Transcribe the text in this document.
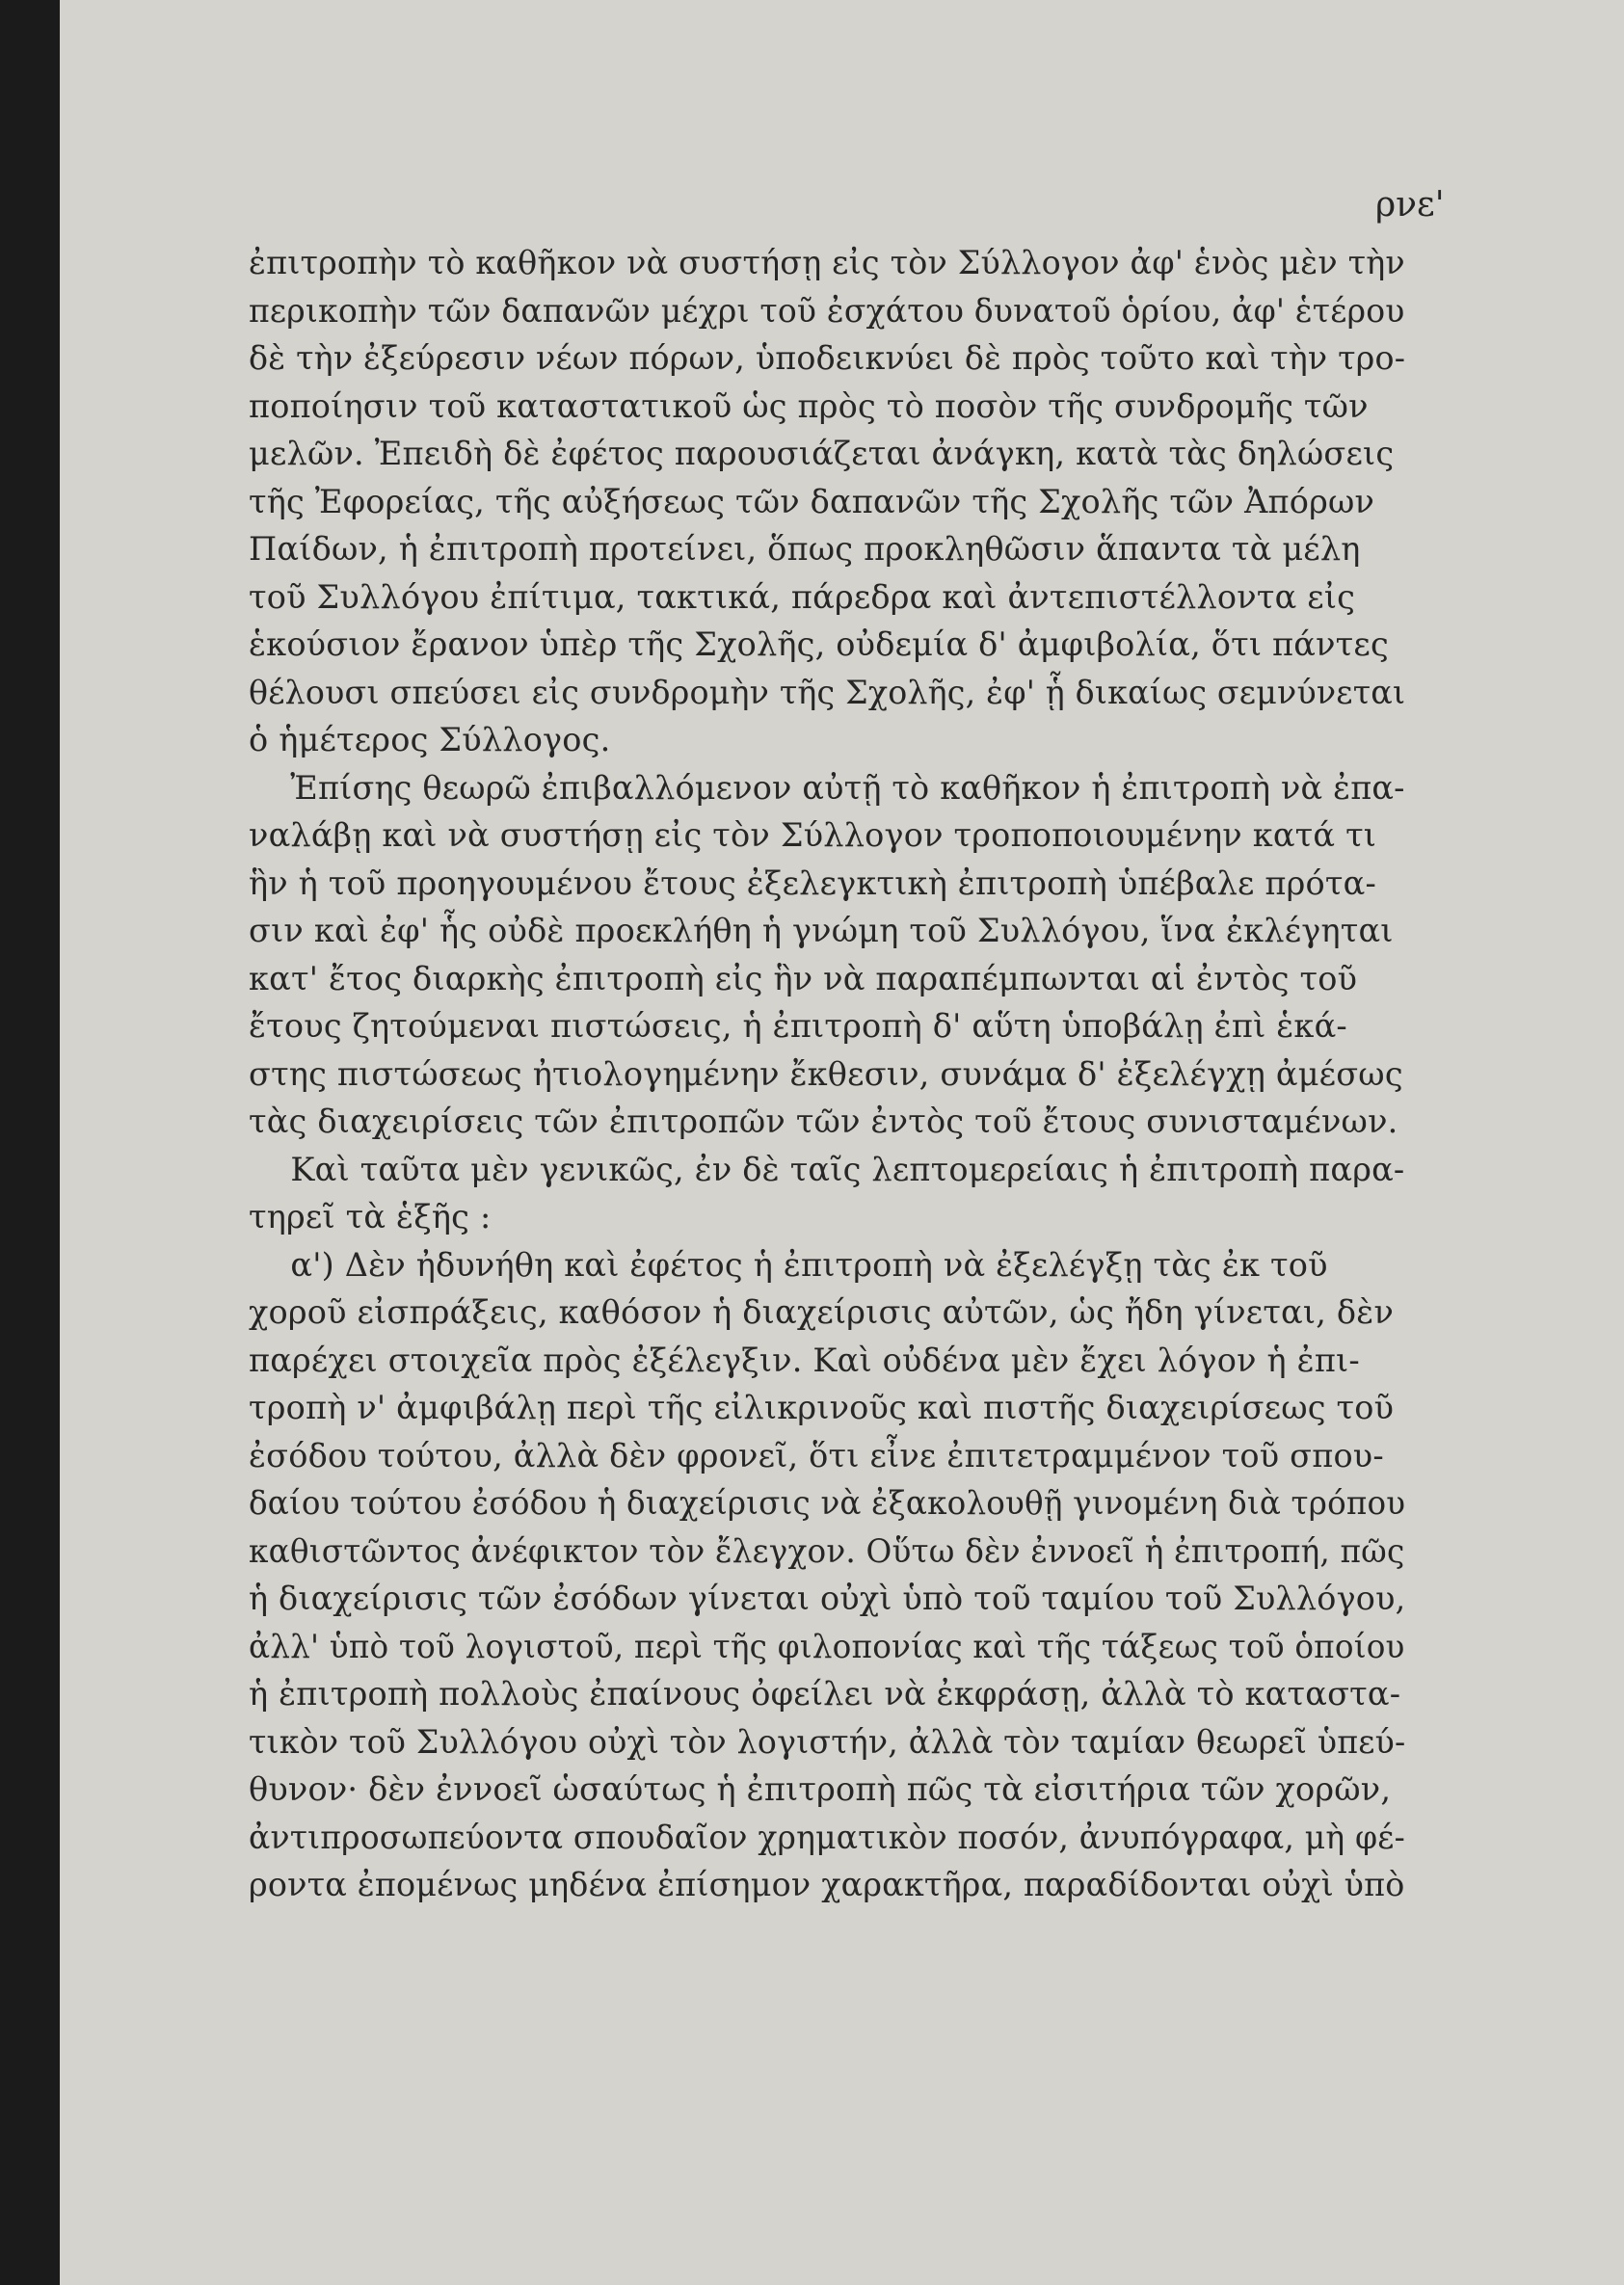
ρνε'

ἐπιτροπὴν τὸ καθῆκον νὰ συστήσῃ εἰς τὸν Σύλλογον ἀφ' ἑνὸς μὲν τὴν
περικοπὴν τῶν δαπανῶν μέχρι τοῦ ἐσχάτου δυνατοῦ ὁρίου, ἀφ' ἑτέρου
δὲ τὴν ἐξεύρεσιν νέων πόρων, ὑποδεικνύει δὲ πρὸς τοῦτο καὶ τὴν τρο-
ποποίησιν τοῦ καταστατικοῦ ὡς πρὸς τὸ ποσὸν τῆς συνδρομῆς τῶν
μελῶν. Ἐπειδὴ δὲ ἐφέτος παρουσιάζεται ἀνάγκη, κατὰ τὰς δηλώσεις
τῆς Ἐφορείας, τῆς αὐξήσεως τῶν δαπανῶν τῆς Σχολῆς τῶν Ἀπόρων
Παίδων, ἡ ἐπιτροπὴ προτείνει, ὅπως προκληθῶσιν ἅπαντα τὰ μέλη
τοῦ Συλλόγου ἐπίτιμα, τακτικά, πάρεδρα καὶ ἀντεπιστέλλοντα εἰς
ἑκούσιον ἔρανον ὑπὲρ τῆς Σχολῆς, οὐδεμία δ' ἀμφιβολία, ὅτι πάντες
θέλουσι σπεύσει εἰς συνδρομὴν τῆς Σχολῆς, ἐφ' ᾗ δικαίως σεμνύνεται
ὁ ἡμέτερος Σύλλογος.
Ἐπίσης θεωρῶ ἐπιβαλλόμενον αὐτῇ τὸ καθῆκον ἡ ἐπιτροπὴ νὰ ἐπα-
ναλάβῃ καὶ νὰ συστήσῃ εἰς τὸν Σύλλογον τροποποιουμένην κατά τι
ἣν ἡ τοῦ προηγουμένου ἔτους ἐξελεγκτικὴ ἐπιτροπὴ ὑπέβαλε πρότα-
σιν καὶ ἐφ' ἧς οὐδὲ προεκλήθη ἡ γνώμη τοῦ Συλλόγου, ἵνα ἐκλέγηται
κατ' ἔτος διαρκὴς ἐπιτροπὴ εἰς ἣν νὰ παραπέμπωνται αἱ ἐντὸς τοῦ
ἔτους ζητούμεναι πιστώσεις, ἡ ἐπιτροπὴ δ' αὕτη ὑποβάλῃ ἐπὶ ἑκά-
στης πιστώσεως ἠτιολογημένην ἔκθεσιν, συνάμα δ' ἐξελέγχῃ ἀμέσως
τὰς διαχειρίσεις τῶν ἐπιτροπῶν τῶν ἐντὸς τοῦ ἔτους συνισταμένων.
Καὶ ταῦτα μὲν γενικῶς, ἐν δὲ ταῖς λεπτομερείαις ἡ ἐπιτροπὴ παρα-
τηρεῖ τὰ ἑξῆς :
α') Δὲν ἠδυνήθη καὶ ἐφέτος ἡ ἐπιτροπὴ νὰ ἐξελέγξῃ τὰς ἐκ τοῦ
χοροῦ εἰσπράξεις, καθόσον ἡ διαχείρισις αὐτῶν, ὡς ἤδη γίνεται, δὲν
παρέχει στοιχεῖα πρὸς ἐξέλεγξιν. Καὶ οὐδένα μὲν ἔχει λόγον ἡ ἐπι-
τροπὴ ν' ἀμφιβάλῃ περὶ τῆς εἰλικρινοῦς καὶ πιστῆς διαχειρίσεως τοῦ
ἐσόδου τούτου, ἀλλὰ δὲν φρονεῖ, ὅτι εἶνε ἐπιτετραμμένον τοῦ σπου-
δαίου τούτου ἐσόδου ἡ διαχείρισις νὰ ἐξακολουθῇ γινομένη διὰ τρόπου
καθιστῶντος ἀνέφικτον τὸν ἔλεγχον. Οὕτω δὲν ἐννοεῖ ἡ ἐπιτροπή, πῶς
ἡ διαχείρισις τῶν ἐσόδων γίνεται οὐχὶ ὑπὸ τοῦ ταμίου τοῦ Συλλόγου,
ἀλλ' ὑπὸ τοῦ λογιστοῦ, περὶ τῆς φιλοπονίας καὶ τῆς τάξεως τοῦ ὁποίου
ἡ ἐπιτροπὴ πολλοὺς ἐπαίνους ὀφείλει νὰ ἐκφράσῃ, ἀλλὰ τὸ καταστα-
τικὸν τοῦ Συλλόγου οὐχὶ τὸν λογιστήν, ἀλλὰ τὸν ταμίαν θεωρεῖ ὑπεύ-
θυνον· δὲν ἐννοεῖ ὡσαύτως ἡ ἐπιτροπὴ πῶς τὰ εἰσιτήρια τῶν χορῶν,
ἀντιπροσωπεύοντα σπουδαῖον χρηματικὸν ποσόν, ἀνυπόγραφα, μὴ φέ-
ροντα ἐπομένως μηδένα ἐπίσημον χαρακτῆρα, παραδίδονται οὐχὶ ὑπὸ
